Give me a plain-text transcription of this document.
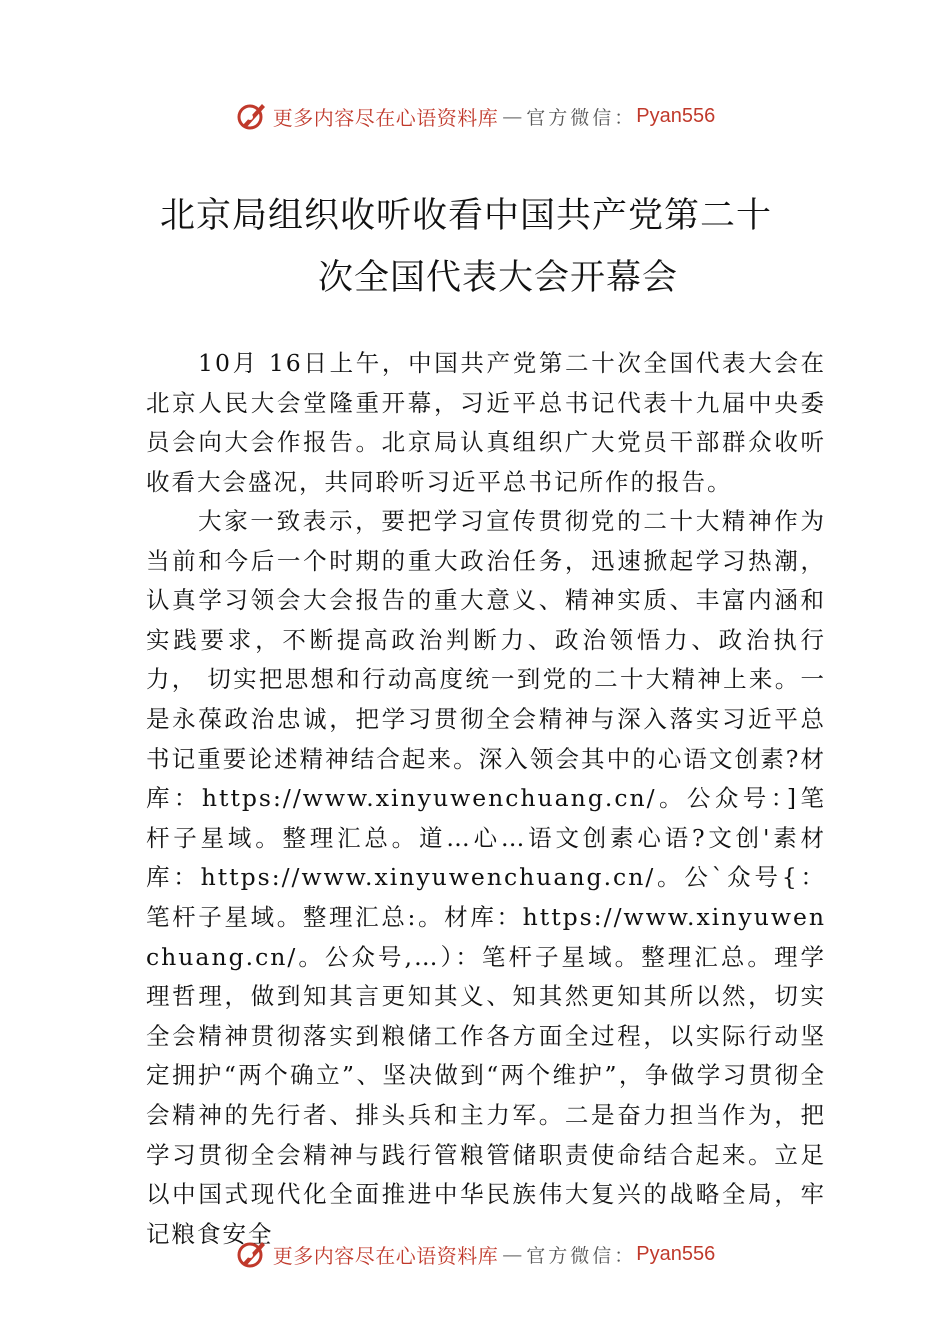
更多内容尽在心语资料库 — 官方微信： Pyan556
北京局组织收听收看中国共产党第二十
次全国代表大会开幕会

10月 16日上午，中国共产党第二十次全国代表大会在北京人民大会堂隆重开幕，习近平总书记代表十九届中央委员会向大会作报告。北京局认真组织广大党员干部群众收听收看大会盛况，共同聆听习近平总书记所作的报告。

大家一致表示，要把学习宣传贯彻党的二十大精神作为当前和今后一个时期的重大政治任务，迅速掀起学习热潮，认真学习领会大会报告的重大意义、精神实质、丰富内涵和实践要求，不断提高政治判断力、政治领悟力、政治执行力， 切实把思想和行动高度统一到党的二十大精神上来。一是永葆政治忠诚，把学习贯彻全会精神与深入落实习近平总书记重要论述精神结合起来。深入领会其中的心语文创素?材库：https://www.xinyuwenchuang.cn/。公众号：]笔杆子星域。整理汇总。道…心…语文创素心语?文创'素材库：https://www.xinyuwenchuang.cn/。公`众号{：笔杆子星域。整理汇总:。材库：https://www.xinyuwenchuang.cn/。公众号,…）：笔杆子星域。整理汇总。理学理哲理，做到知其言更知其义、知其然更知其所以然，切实全会精神贯彻落实到粮储工作各方面全过程，以实际行动坚定拥护“两个确立”、坚决做到“两个维护”，争做学习贯彻全会精神的先行者、排头兵和主力军。二是奋力担当作为，把学习贯彻全会精神与践行管粮管储职责使命结合起来。立足以中国式现代化全面推进中华民族伟大复兴的战略全局，牢记粮食安全

更多内容尽在心语资料库 — 官方微信： Pyan556
